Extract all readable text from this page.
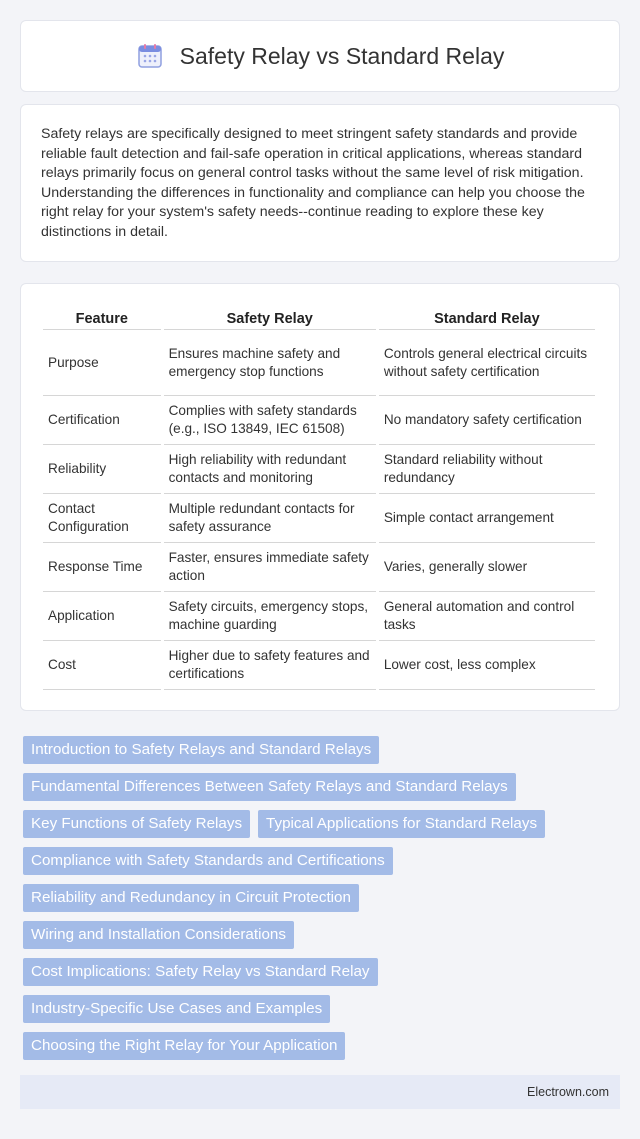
Safety Relay vs Standard Relay

Safety relays are specifically designed to meet stringent safety standards and provide reliable fault detection and fail-safe operation in critical applications, whereas standard relays primarily focus on general control tasks without the same level of risk mitigation. Understanding the differences in functionality and compliance can help you choose the right relay for your system's safety needs--continue reading to explore these key distinctions in detail.

Feature	Safety Relay	Standard Relay
Purpose	Ensures machine safety and emergency stop functions	Controls general electrical circuits without safety certification
Certification	Complies with safety standards (e.g., ISO 13849, IEC 61508)	No mandatory safety certification
Reliability	High reliability with redundant contacts and monitoring	Standard reliability without redundancy
Contact Configuration	Multiple redundant contacts for safety assurance	Simple contact arrangement
Response Time	Faster, ensures immediate safety action	Varies, generally slower
Application	Safety circuits, emergency stops, machine guarding	General automation and control tasks
Cost	Higher due to safety features and certifications	Lower cost, less complex
Introduction to Safety Relays and Standard Relays
Fundamental Differences Between Safety Relays and Standard Relays
Key Functions of Safety Relays	Typical Applications for Standard Relays
Compliance with Safety Standards and Certifications
Reliability and Redundancy in Circuit Protection
Wiring and Installation Considerations
Cost Implications: Safety Relay vs Standard Relay
Industry-Specific Use Cases and Examples
Choosing the Right Relay for Your Application
Electrown.com
